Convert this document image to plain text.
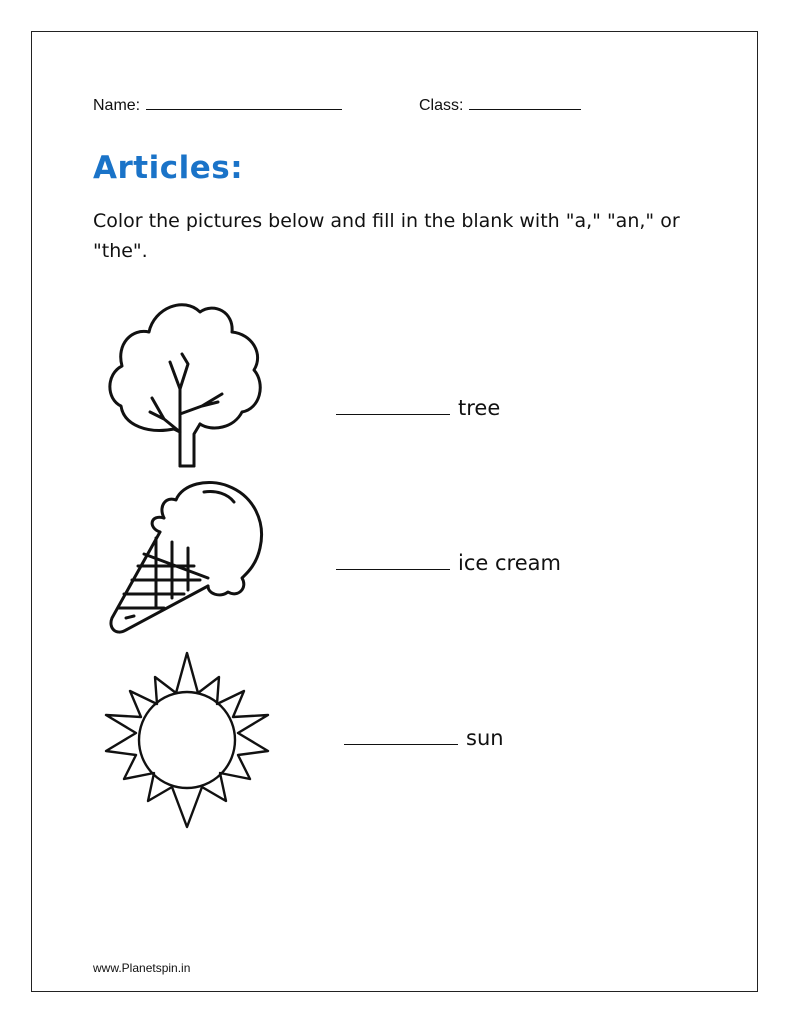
Name:	Class:
Articles:
Color the pictures below and fill in the blank with "a," "an," or "the".
tree
ice cream
sun
www.Planetspin.in
